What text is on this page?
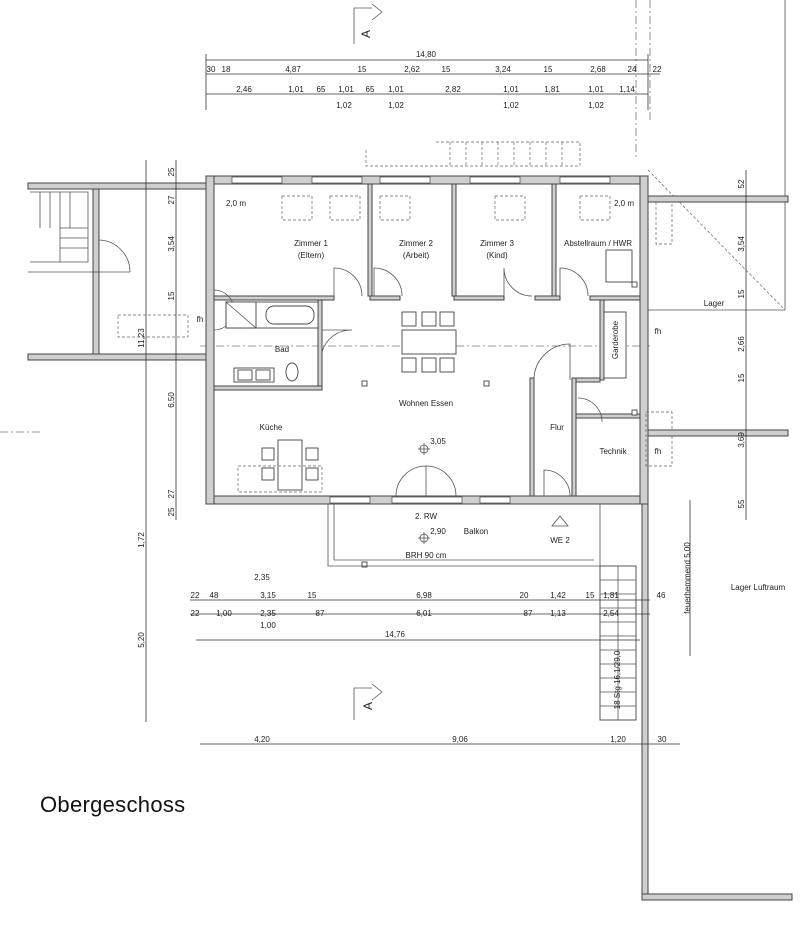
A
A
14,80
30 18	4,87	15	2,62	15	3,24	15	2,68	24 22
2,46	1,01 65 1,01 65 1,01	2,82	1,01	1,81	1,01 1,14
1,02	1,02	1,02	1,02
25
27
3,54
15
11,23
6,50
27
25
1,72
5,20
52
3,54
15
2,66
15
3,69
55
2,35
22 48	3,15	15	6,98	20	1,42 15 1,81	46
22 1,00	2,35	87	6,01	87 1,13	2,54
1,00
14,76
4,20	9,06	1,20	30
Zimmer 1
(Eltern)
Zimmer 2
(Arbeit)
Zimmer 3
(Kind)
Abstellraum / HWR
Bad	Garderobe
Küche
Wohnen Essen
Flur
Technik
Lager
Lager Luftraum
Balkon
2. RW
WE 2
BRH 90 cm
fh
fh
fh
2,0 m	2,0 m
3,05
2,90
18 Stg 16,1/29,0
feuerhemmend 5,00
Obergeschoss
